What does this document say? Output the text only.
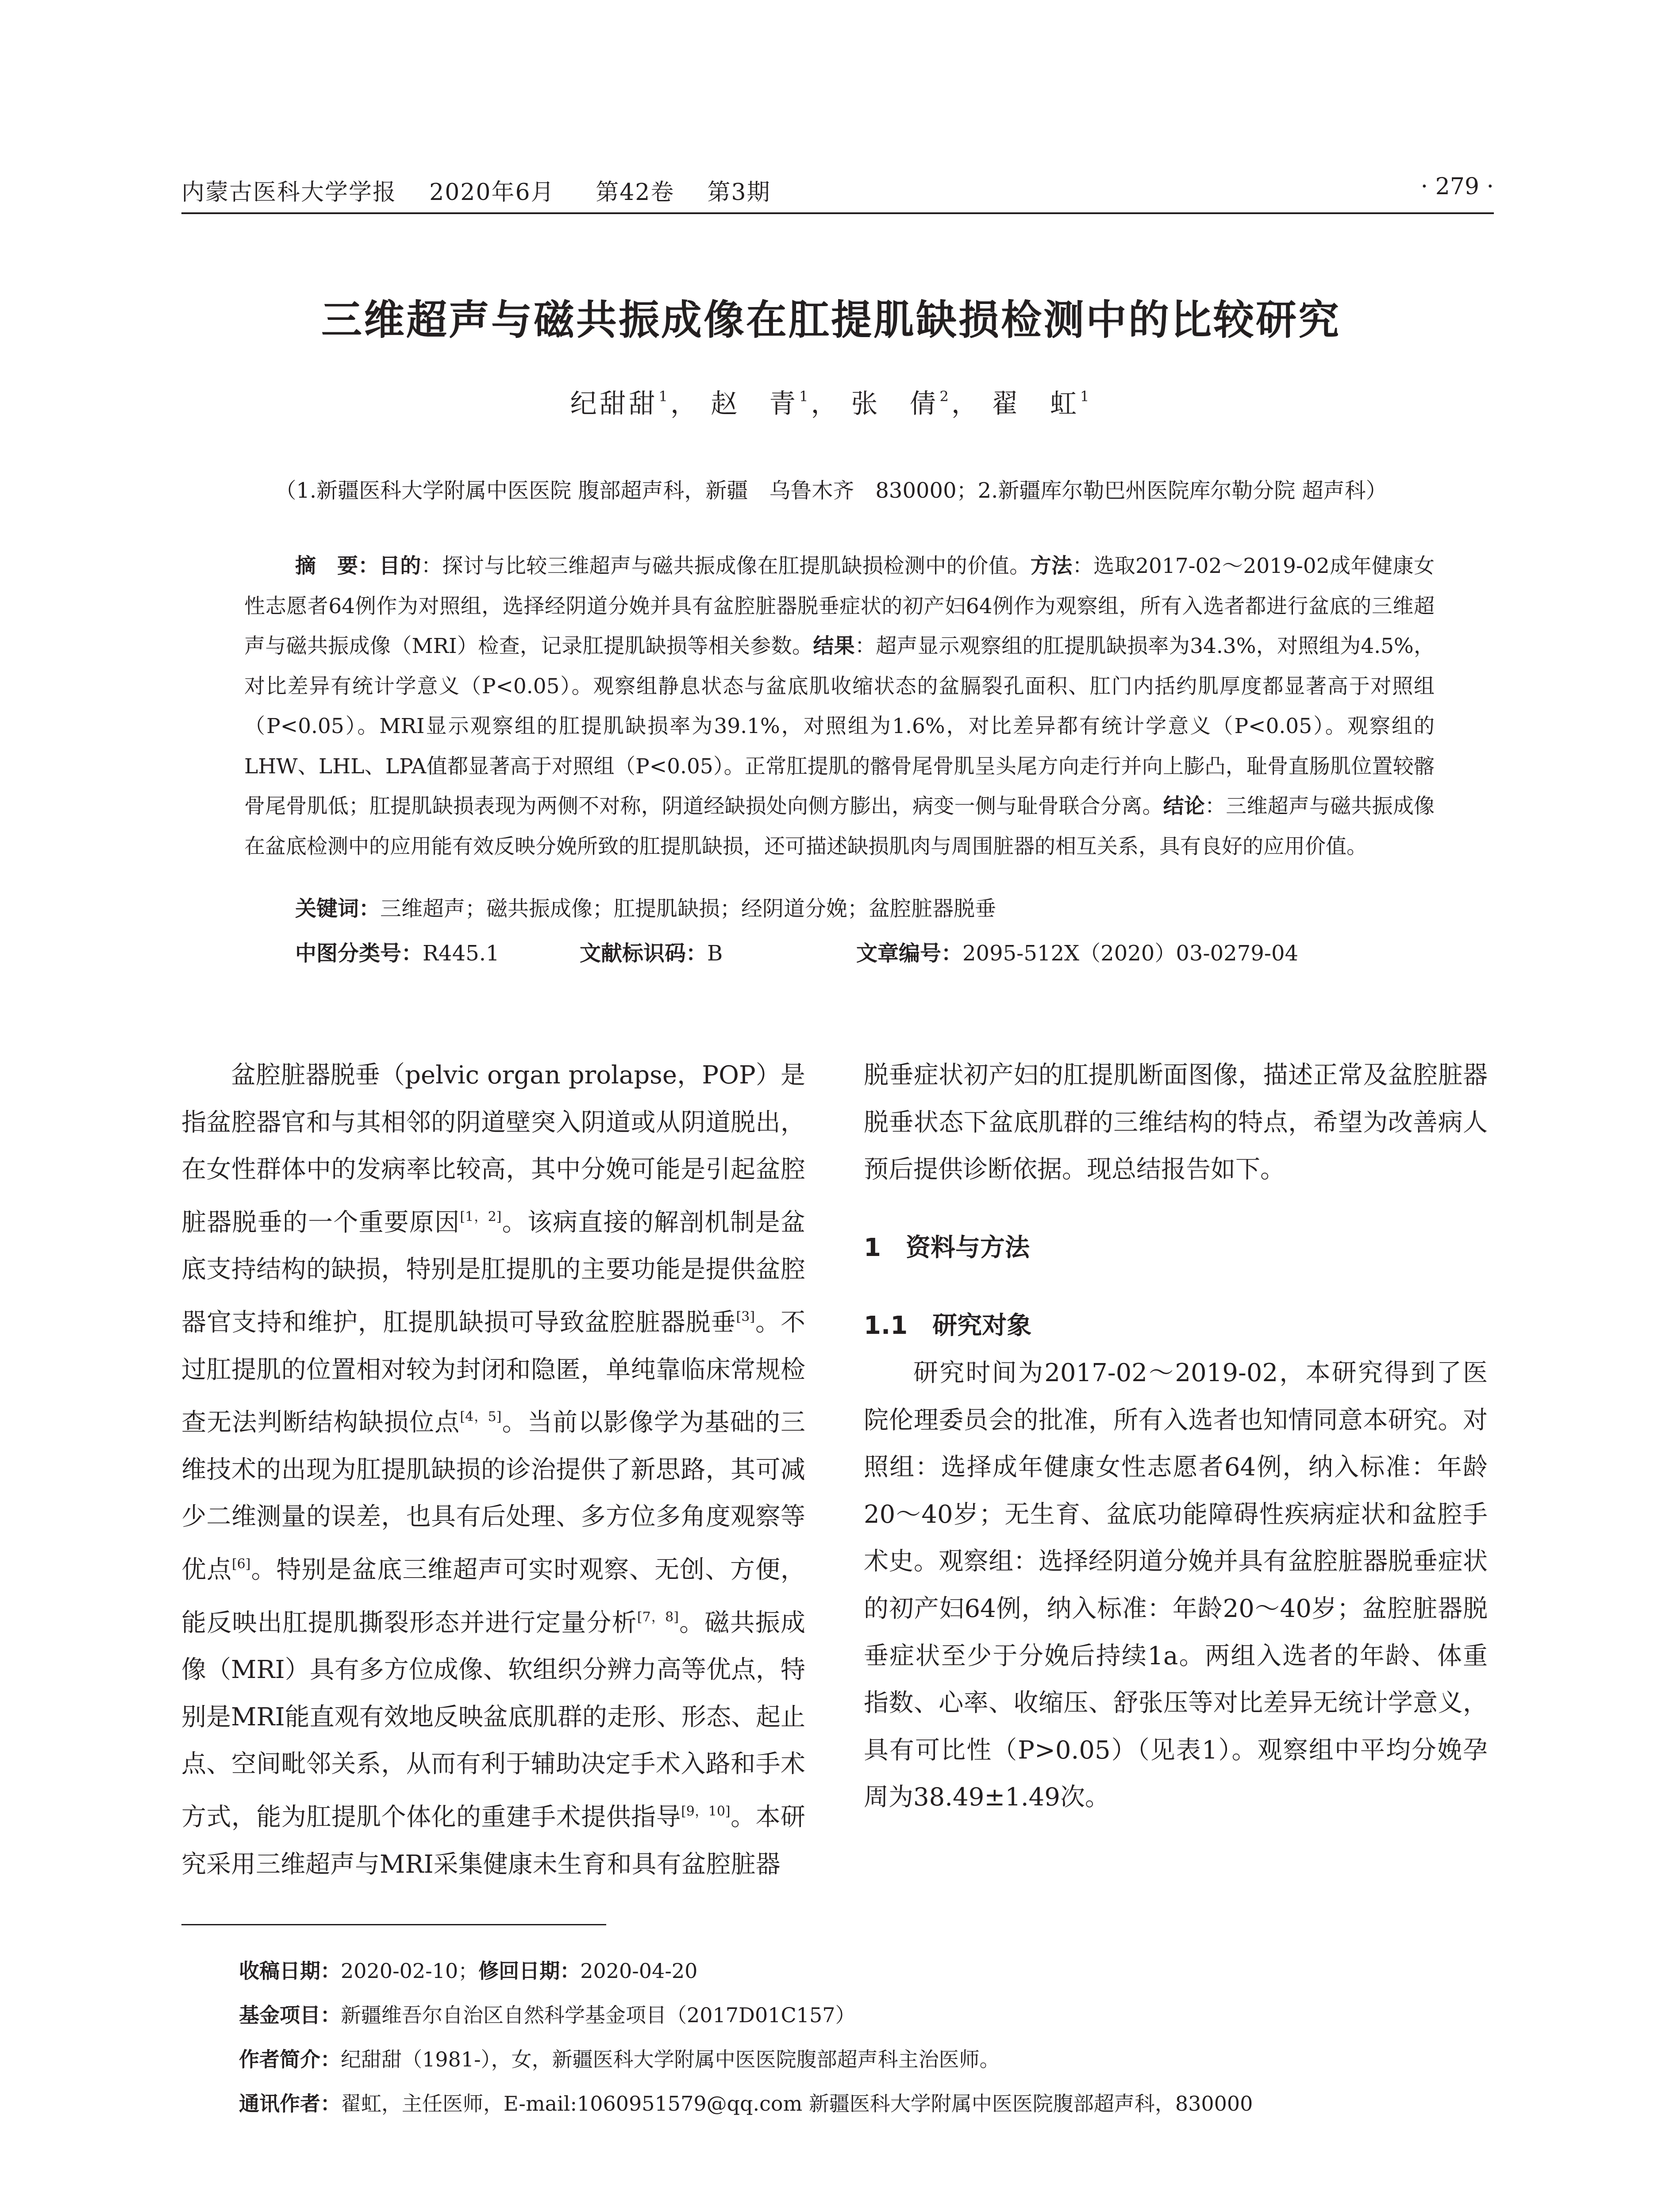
内蒙古医科大学学报 2020年6月 第42卷 第3期	· 279 ·
三维超声与磁共振成像在肛提肌缺损检测中的比较研究
纪甜甜$^1$， 赵　青$^1$， 张　倩$^2$， 翟　虹$^1$
（1.新疆医科大学附属中医医院 腹部超声科，新疆　乌鲁木齐　830000；2.新疆库尔勒巴州医院库尔勒分院 超声科）
摘　要：目的：探讨与比较三维超声与磁共振成像在肛提肌缺损检测中的价值。方法：选取2017-02～2019-02成年健康女性志愿者64例作为对照组，选择经阴道分娩并具有盆腔脏器脱垂症状的初产妇64例作为观察组，所有入选者都进行盆底的三维超声与磁共振成像（MRI）检查，记录肛提肌缺损等相关参数。结果：超声显示观察组的肛提肌缺损率为34.3%，对照组为4.5%，对比差异有统计学意义（P<0.05）。观察组静息状态与盆底肌收缩状态的盆膈裂孔面积、肛门内括约肌厚度都显著高于对照组（P<0.05）。MRI显示观察组的肛提肌缺损率为39.1%，对照组为1.6%，对比差异都有统计学意义（P<0.05）。观察组的LHW、LHL、LPA值都显著高于对照组（P<0.05）。正常肛提肌的髂骨尾骨肌呈头尾方向走行并向上膨凸，耻骨直肠肌位置较髂骨尾骨肌低；肛提肌缺损表现为两侧不对称，阴道经缺损处向侧方膨出，病变一侧与耻骨联合分离。结论：三维超声与磁共振成像在盆底检测中的应用能有效反映分娩所致的肛提肌缺损，还可描述缺损肌肉与周围脏器的相互关系，具有良好的应用价值。
关键词：三维超声；磁共振成像；肛提肌缺损；经阴道分娩；盆腔脏器脱垂
中图分类号：R445.1	文献标识码：B	文章编号：2095-512X（2020）03-0279-04

盆腔脏器脱垂（pelvic organ prolapse，POP）是指盆腔器官和与其相邻的阴道壁突入阴道或从阴道脱出，在女性群体中的发病率比较高，其中分娩可能是引起盆腔脏器脱垂的一个重要原因[1，2]。该病直接的解剖机制是盆底支持结构的缺损，特别是肛提肌的主要功能是提供盆腔器官支持和维护，肛提肌缺损可导致盆腔脏器脱垂[3]。不过肛提肌的位置相对较为封闭和隐匿，单纯靠临床常规检查无法判断结构缺损位点[4，5]。当前以影像学为基础的三维技术的出现为肛提肌缺损的诊治提供了新思路，其可减少二维测量的误差，也具有后处理、多方位多角度观察等优点[6]。特别是盆底三维超声可实时观察、无创、方便，能反映出肛提肌撕裂形态并进行定量分析[7，8]。磁共振成像（MRI）具有多方位成像、软组织分辨力高等优点，特别是MRI能直观有效地反映盆底肌群的走形、形态、起止点、空间毗邻关系，从而有利于辅助决定手术入路和手术方式，能为肛提肌个体化的重建手术提供指导[9，10]。本研究采用三维超声与MRI采集健康未生育和具有盆腔脏器

脱垂症状初产妇的肛提肌断面图像，描述正常及盆腔脏器脱垂状态下盆底肌群的三维结构的特点，希望为改善病人预后提供诊断依据。现总结报告如下。

1　资料与方法

1.1　研究对象

研究时间为2017-02～2019-02，本研究得到了医院伦理委员会的批准，所有入选者也知情同意本研究。对照组：选择成年健康女性志愿者64例，纳入标准：年龄20～40岁；无生育、盆底功能障碍性疾病症状和盆腔手术史。观察组：选择经阴道分娩并具有盆腔脏器脱垂症状的初产妇64例，纳入标准：年龄20～40岁；盆腔脏器脱垂症状至少于分娩后持续1a。两组入选者的年龄、体重指数、心率、收缩压、舒张压等对比差异无统计学意义，具有可比性（P>0.05）（见表1）。观察组中平均分娩孕周为38.49±1.49次。

收稿日期：2020-02-10；修回日期：2020-04-20
基金项目：新疆维吾尔自治区自然科学基金项目（2017D01C157）
作者简介：纪甜甜（1981-），女，新疆医科大学附属中医医院腹部超声科主治医师。
通讯作者：翟虹，主任医师，E-mail:1060951579@qq.com 新疆医科大学附属中医医院腹部超声科，830000
